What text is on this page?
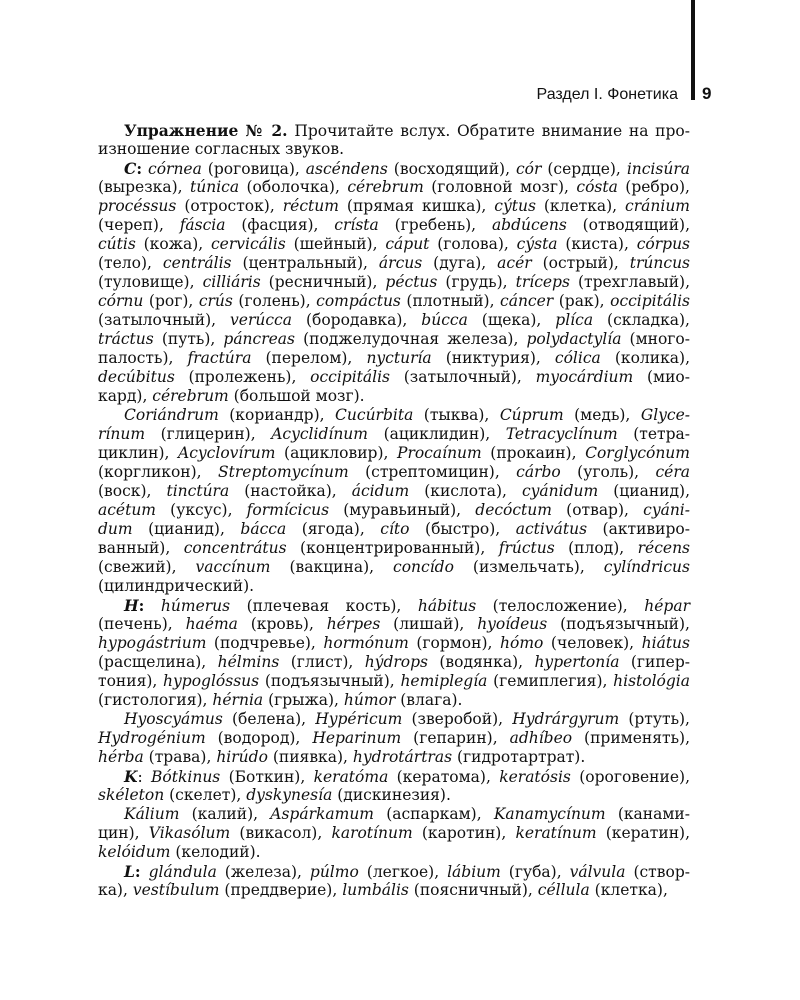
Раздел I. Фонетика 9
Упражнение № 2. Прочитайте вслух. Обратите внимание на про-
изношение согласных звуков.
C: córnea (роговица), ascéndens (восходящий), cór (сердце), incisúra
(вырезка), túnica (оболочка), cérebrum (головной мозг), cósta (ребро),
procéssus (отросток), réctum (прямая кишка), cýtus (клетка), cránium
(череп), fáscia (фасция), crísta (гребень), abdúcens (отводящий),
cútis (кожа), cervicális (шейный), cáput (голова), cýsta (киста), córpus
(тело), centrális (центральный), árcus (дуга), acér (острый), trúncus
(туловище), cilliáris (ресничный), péctus (грудь), tríceps (трехглавый),
córnu (рог), crús (голень), compáctus (плотный), cáncer (рак), occipitális
(затылочный), verúcca (бородавка), búcca (щека), plíca (складка),
tráctus (путь), páncreas (поджелудочная железа), polydactylía (много-
палость), fractúra (перелом), nycturía (никтурия), cólica (колика),
decúbitus (пролежень), occipitális (затылочный), myocárdium (мио-
кард), cérebrum (большой мозг).
Coriándrum (кориандр), Cucúrbita (тыква), Cúprum (медь), Glyce-
rínum (глицерин), Acyclidínum (ациклидин), Tetracyclínum (тетра-
циклин), Acyclovírum (ацикловир), Procaínum (прокаин), Corglycónum
(коргликон), Streptomycínum (стрептомицин), cárbo (уголь), céra
(воск), tinctúra (настойка), ácidum (кислота), cyánidum (цианид),
acétum (уксус), formícicus (муравьиный), decóctum (отвар), cyáni-
dum (цианид), bácca (ягода), cíto (быстро), activátus (активиро-
ванный), concentrátus (концентрированный), frúctus (плод), récens
(свежий), vaccínum (вакцина), concído (измельчать), cylíndricus
(цилиндрический).
H: húmerus (плечевая кость), hábitus (телосложение), hépar
(печень), haéma (кровь), hérpes (лишай), hyoídeus (подъязычный),
hypogástrium (подчревье), hormónum (гормон), hómo (человек), hiátus
(расщелина), hélmins (глист), hýdrops (водянка), hypertonía (гипер-
тония), hypoglóssus (подъязычный), hemiplegía (гемиплегия), histológia
(гистология), hérnia (грыжа), húmor (влага).
Hyoscyámus (белена), Hypéricum (зверобой), Hydrárgyrum (ртуть),
Hydrogénium (водород), Heparinum (гепарин), adhíbeo (применять),
hérba (трава), hirúdo (пиявка), hydrotártras (гидротартрат).
K: Bótkinus (Боткин), keratóma (кератома), keratósis (ороговение),
skéleton (скелет), dyskynesía (дискинезия).
Kálium (калий), Aspárkamum (аспаркам), Kanamycínum (канами-
цин), Vikasólum (викасол), karotínum (каротин), keratínum (кератин),
kelóidum (келодий).
L: glándula (железа), púlmo (легкое), lábium (губа), válvula (створ-
ка), vestíbulum (преддверие), lumbális (поясничный), céllula (клетка),
